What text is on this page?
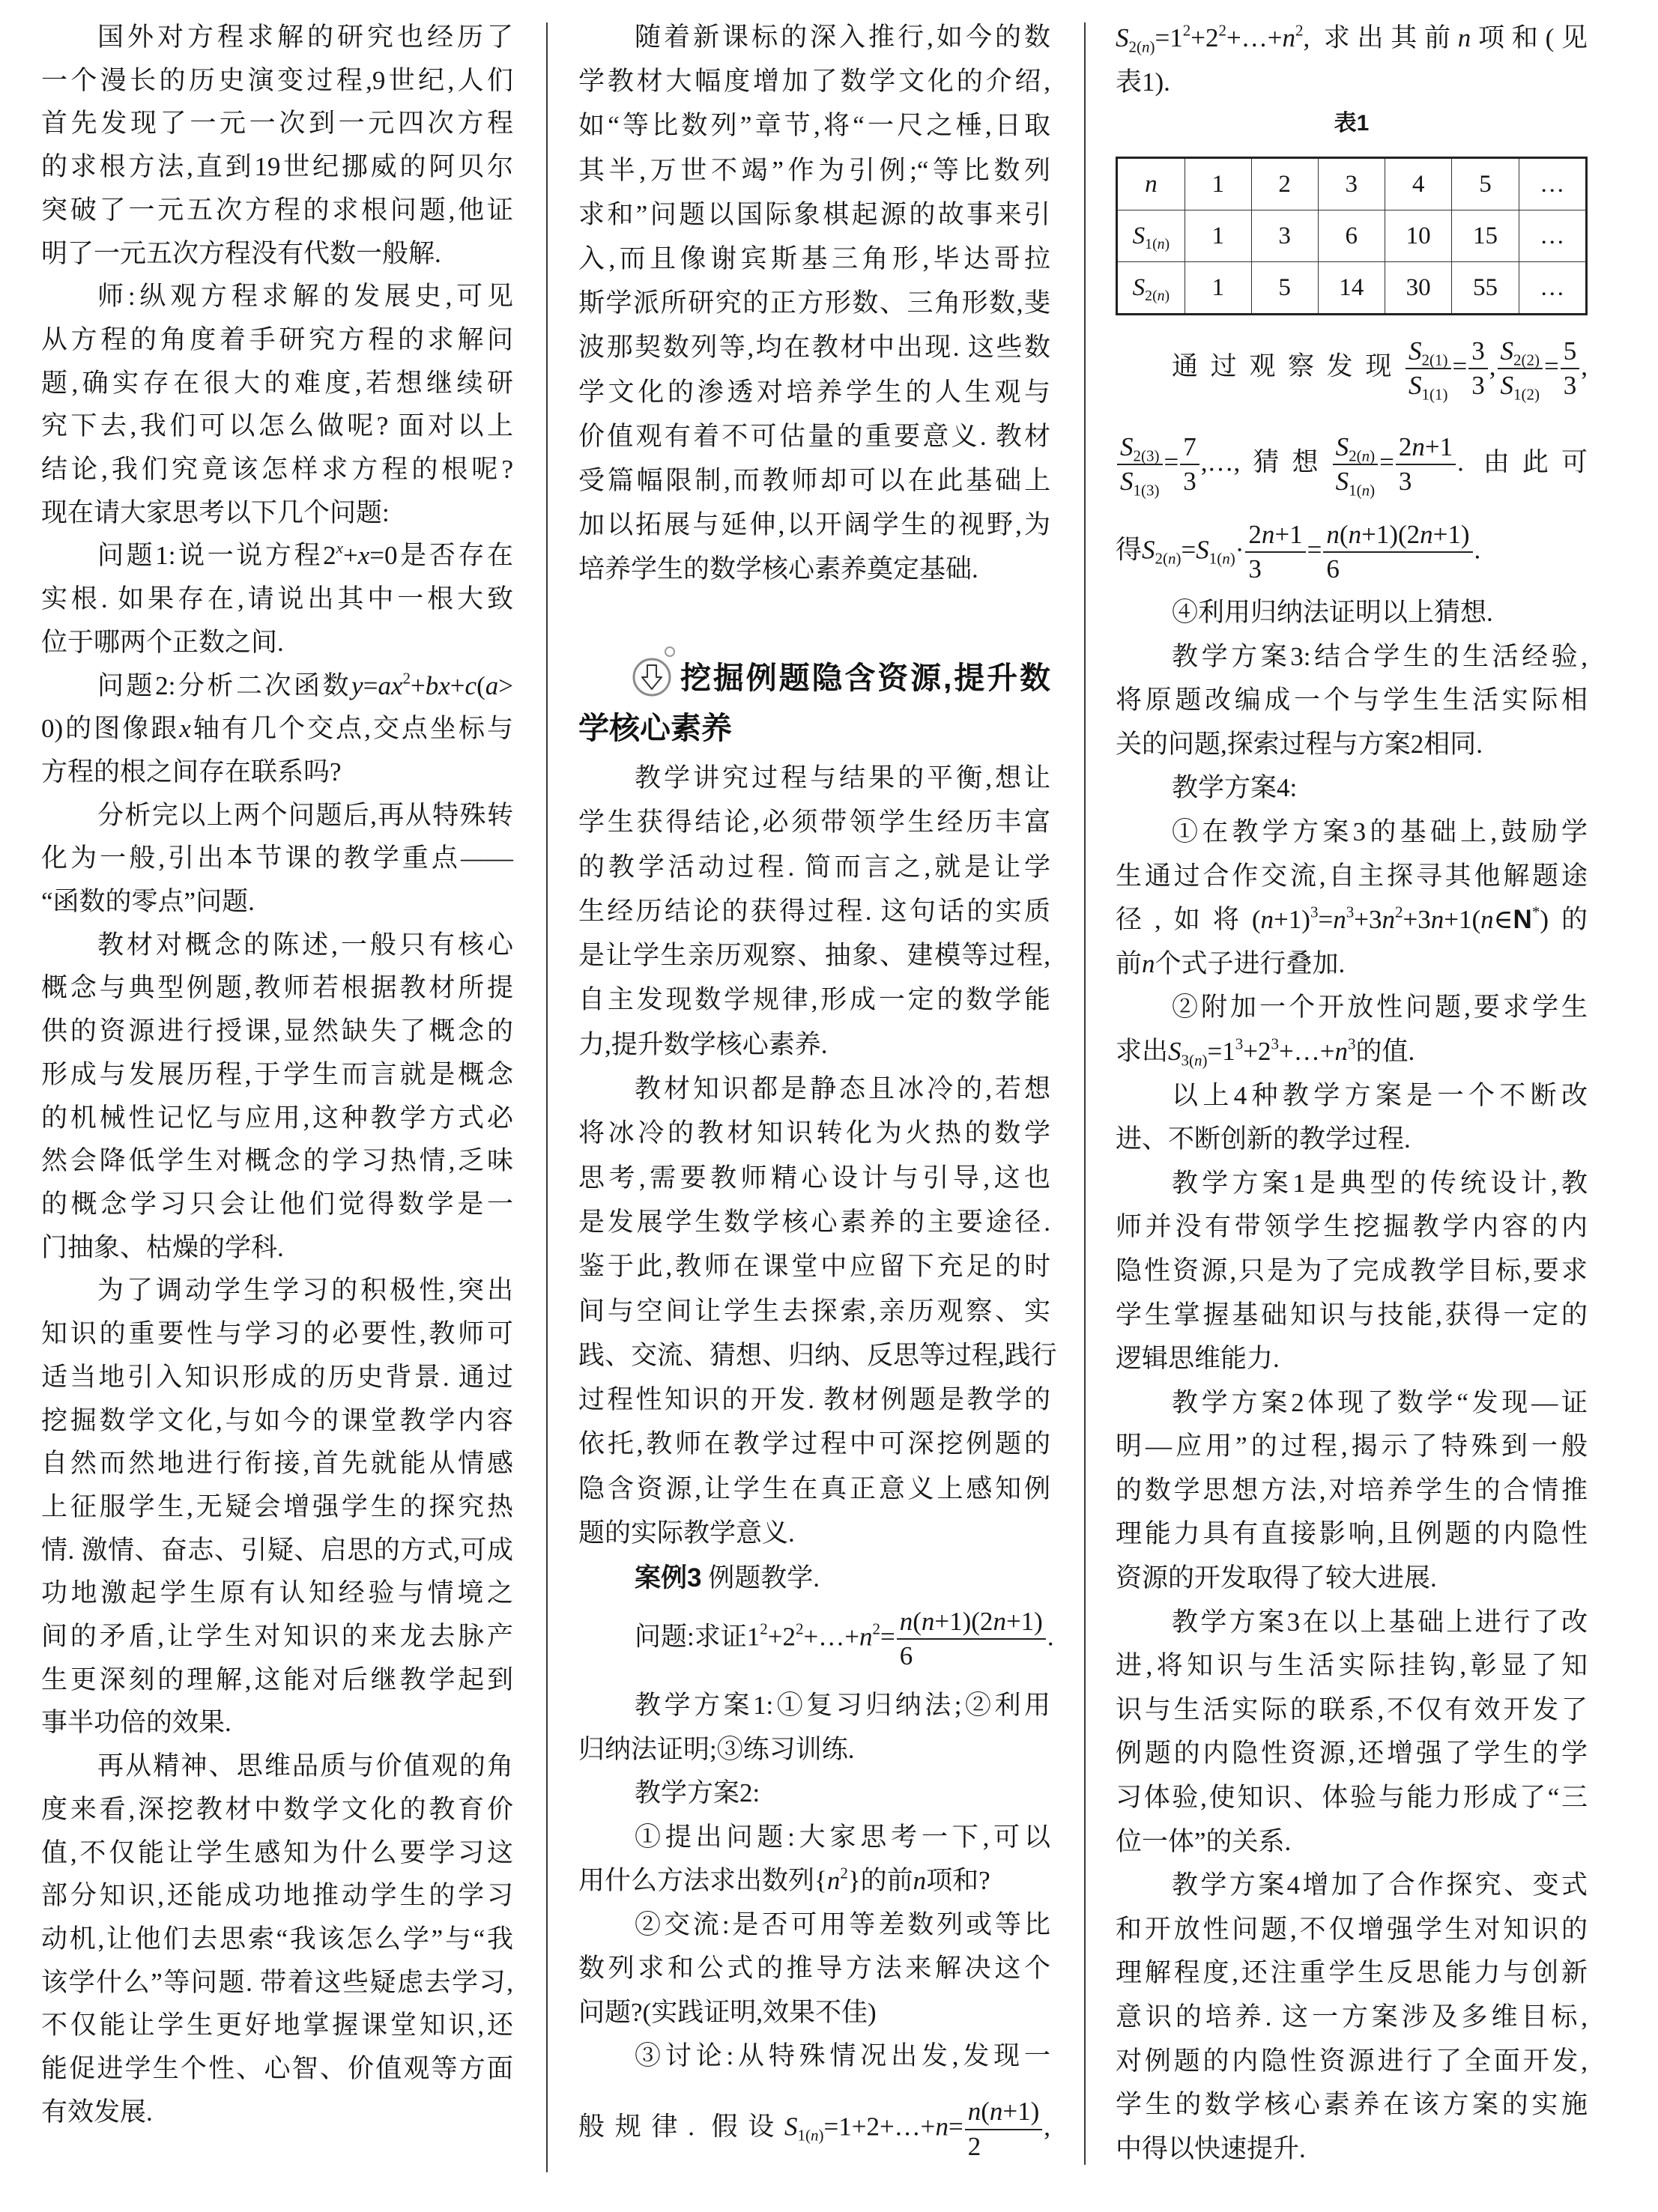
国外对方程求解的研究也经历了
一个漫长的历史演变过程,9世纪,人们
首先发现了一元一次到一元四次方程
的求根方法,直到19世纪挪威的阿贝尔
突破了一元五次方程的求根问题,他证
明了一元五次方程没有代数一般解.
师:纵观方程求解的发展史,可见
从方程的角度着手研究方程的求解问
题,确实存在很大的难度,若想继续研
究下去,我们可以怎么做呢? 面对以上
结论,我们究竟该怎样求方程的根呢?
现在请大家思考以下几个问题:
问题1:说一说方程$2^x+x=0$是否存在
实根. 如果存在,请说出其中一根大致
位于哪两个正数之间.
问题2:分析二次函数$y=ax^2+bx+c(a>$
0)的图像跟x轴有几个交点,交点坐标与
方程的根之间存在联系吗?
分析完以上两个问题后,再从特殊转
化为一般,引出本节课的教学重点——
“函数的零点”问题.
教材对概念的陈述,一般只有核心
概念与典型例题,教师若根据教材所提
供的资源进行授课,显然缺失了概念的
形成与发展历程,于学生而言就是概念
的机械性记忆与应用,这种教学方式必
然会降低学生对概念的学习热情,乏味
的概念学习只会让他们觉得数学是一
门抽象、枯燥的学科.
为了调动学生学习的积极性,突出
知识的重要性与学习的必要性,教师可
适当地引入知识形成的历史背景. 通过
挖掘数学文化,与如今的课堂教学内容
自然而然地进行衔接,首先就能从情感
上征服学生,无疑会增强学生的探究热
情. 激情、奋志、引疑、启思的方式,可成
功地激起学生原有认知经验与情境之
间的矛盾,让学生对知识的来龙去脉产
生更深刻的理解,这能对后继教学起到
事半功倍的效果.
再从精神、思维品质与价值观的角
度来看,深挖教材中数学文化的教育价
值,不仅能让学生感知为什么要学习这
部分知识,还能成功地推动学生的学习
动机,让他们去思索“我该怎么学”与“我
该学什么”等问题. 带着这些疑虑去学习,
不仅能让学生更好地掌握课堂知识,还
能促进学生个性、心智、价值观等方面
有效发展.
随着新课标的深入推行,如今的数
学教材大幅度增加了数学文化的介绍,
如“等比数列”章节,将“一尺之棰,日取
其半,万世不竭”作为引例;“等比数列
求和”问题以国际象棋起源的故事来引
入,而且像谢宾斯基三角形,毕达哥拉
斯学派所研究的正方形数、三角形数,斐
波那契数列等,均在教材中出现. 这些数
学文化的渗透对培养学生的人生观与
价值观有着不可估量的重要意义. 教材
受篇幅限制,而教师却可以在此基础上
加以拓展与延伸,以开阔学生的视野,为
培养学生的数学核心素养奠定基础.
挖掘例题隐含资源,提升数
学核心素养
教学讲究过程与结果的平衡,想让
学生获得结论,必须带领学生经历丰富
的教学活动过程. 简而言之,就是让学
生经历结论的获得过程. 这句话的实质
是让学生亲历观察、抽象、建模等过程,
自主发现数学规律,形成一定的数学能
力,提升数学核心素养.
教材知识都是静态且冰冷的,若想
将冰冷的教材知识转化为火热的数学
思考,需要教师精心设计与引导,这也
是发展学生数学核心素养的主要途径.
鉴于此,教师在课堂中应留下充足的时
间与空间让学生去探索,亲历观察、实
践、交流、猜想、归纳、反思等过程,践行
过程性知识的开发. 教材例题是教学的
依托,教师在教学过程中可深挖例题的
隐含资源,让学生在真正意义上感知例
题的实际教学意义.
案例3 例题教学.
问题:求证$1^2+2^2+\dots+n^2= \frac{n(n+1)(2n+1)}{6}$ .
教学方案1:①复习归纳法;②利用
归纳法证明;③练习训练.
教学方案2:
①提出问题:大家思考一下,可以
用什么方法求出数列$\{n^2\}$的前n项和?
②交流:是否可用等差数列或等比
数列求和公式的推导方法来解决这个
问题?(实践证明,效果不佳)
③讨论:从特殊情况出发,发现一
般规律. 假设$S_{1(n)}=1+2+\dots+n= \frac{n(n+1)}{2}$ ,
$S_{2(n)}=1^2+2^2+\dots+n^2$, 求出其前n项和(见
表1).
表1
n	1	2	3	4	5	…
$S_{1(n)}$	1	3	6	10	15	…
$S_{2(n)}$	1	5	14	30	55	…
通过观察发现 $\frac{S_{2(1)}}{S_{1(1)}} = \frac{3}{3}$ , $\frac{S_{2(2)}}{S_{1(2)}} = \frac{5}{3}$ ,
$\frac{S_{2(3)}}{S_{1(3)}} = \frac{7}{3}$ ,…,猜想 $\frac{S_{2(n)}}{S_{1(n)}} = \frac{2n+1}{3}$ . 由此可
得$S_{2(n)}=S_{1(n)}\cdot \frac{2n+1}{3} = \frac{n(n+1)(2n+1)}{6}$ .
④利用归纳法证明以上猜想.
教学方案3:结合学生的生活经验,
将原题改编成一个与学生生活实际相
关的问题,探索过程与方案2相同.
教学方案4:
①在教学方案3的基础上,鼓励学
生通过合作交流,自主探寻其他解题途
径,如将$(n+1)^3=n^3+3n^2+3n+1(n\in N^*)$的
前n个式子进行叠加.
②附加一个开放性问题,要求学生
求出$S_{3(n)}=1^3+2^3+\dots+n^3$的值.
以上4种教学方案是一个不断改
进、不断创新的教学过程.
教学方案1是典型的传统设计,教
师并没有带领学生挖掘教学内容的内
隐性资源,只是为了完成教学目标,要求
学生掌握基础知识与技能,获得一定的
逻辑思维能力.
教学方案2体现了数学“发现—证
明—应用”的过程,揭示了特殊到一般
的数学思想方法,对培养学生的合情推
理能力具有直接影响,且例题的内隐性
资源的开发取得了较大进展.
教学方案3在以上基础上进行了改
进,将知识与生活实际挂钩,彰显了知
识与生活实际的联系,不仅有效开发了
例题的内隐性资源,还增强了学生的学
习体验,使知识、体验与能力形成了“三
位一体”的关系.
教学方案4增加了合作探究、变式
和开放性问题,不仅增强学生对知识的
理解程度,还注重学生反思能力与创新
意识的培养. 这一方案涉及多维目标,
对例题的内隐性资源进行了全面开发,
学生的数学核心素养在该方案的实施
中得以快速提升.
